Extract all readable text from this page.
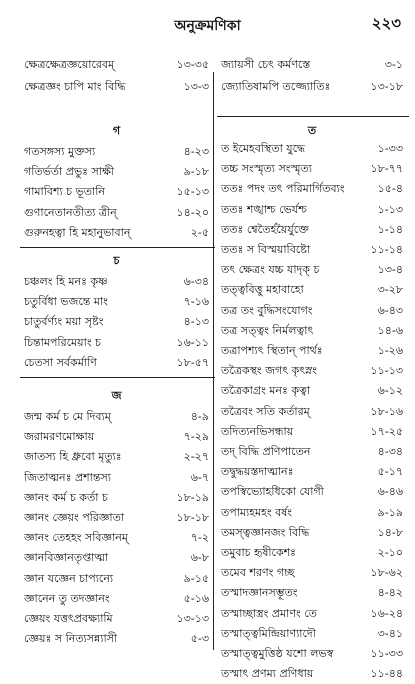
অনুক্রমণিকা	২২৩
ক্ষেত্রক্ষেত্রজ্ঞয়োরেবম্	১৩-৩৫
ক্ষেত্রজ্ঞং চাপি মাং বিদ্ধি	১৩-৩
গ
গতসঙ্গস্য মুক্তস্য	৪-২৩
গতির্ভর্তা প্রভুঃ সাক্ষী	৯-১৮
গামাবিশ্য চ ভূতানি	১৫-১৩
গুণানেতানতীত্য ত্রীন্	১৪-২০
গুরুনহত্বা হি মহানুভাবান্	২-৫
চ
চঞ্চলং হি মনঃ কৃষ্ণ	৬-৩৪
চতুর্বিধা ভজন্তে মাং	৭-১৬
চাতুর্বর্ণ্যং ময়া সৃষ্টং	৪-১৩
চিন্তামপরিমেয়াং চ	১৬-১১
চেতসা সর্বকর্মাণি	১৮-৫৭
জ
জন্ম কর্ম চ মে দিব্যম্	৪-৯
জরামরণমোক্ষায়	৭-২৯
জাতস্য হি ধ্রুবো মৃত্যুঃ	২-২৭
জিতাত্মনঃ প্রশান্তস্য	৬-৭
জ্ঞানং কর্ম চ কর্তা চ	১৮-১৯
জ্ঞানং জ্ঞেয়ং পরিজ্ঞাতা	১৮-১৮
জ্ঞানং তেহহং সবিজ্ঞানম্	৭-২
জ্ঞানবিজ্ঞানতৃপ্তাত্মা	৬-৮
জ্ঞান যজ্ঞেন চাপ্যন্যে	৯-১৫
জ্ঞানেন তু তদজ্ঞানং	৫-১৬
জ্ঞেয়ং যত্তৎপ্রবক্ষ্যামি	১৩-১৩
জ্ঞেয়ঃ স নিত্যসন্ন্যাসী	৫-৩
জ্যায়সী চেৎ কর্মণস্তে	৩-১
জ্যোতিষামপি তজ্জ্যোতিঃ	১৩-১৮
ত
ত ইমেহবস্থিতা যুদ্ধে	১-৩৩
তচ্চ সংস্মৃত্য সংস্মৃত্য	১৮-৭৭
ততঃ পদং তৎ পরিমার্গিতব্যং	১৫-৪
ততঃ শঙ্খাশ্চ ভের্যশ্চ	১-১৩
ততঃ শ্বেতৈর্হয়ৈর্যুক্তে	১-১৪
ততঃ স বিস্ময়াবিষ্টো	১১-১৪
তৎ ক্ষেত্রং যচ্চ যাদৃক্ চ	১৩-৪
তত্ত্ববিত্তু মহাবাহো	৩-২৮
তত্র তং বুদ্ধিসংযোগং	৬-৪৩
তত্র সত্ত্বং নির্মলত্বাৎ	১৪-৬
তত্রাপশ্যৎ স্থিতান্ পার্থঃ	১-২৬
তত্রৈকস্থং জগৎ কৃৎস্নং	১১-১৩
তত্রৈকাগ্রং মনঃ কৃত্বা	৬-১২
তত্রৈবং সতি কর্তারম্	১৮-১৬
তদিত্যনভিসন্ধায়	১৭-২৫
তদ্ বিদ্ধি প্রণিপাতেন	৪-৩৪
তদ্বুদ্ধয়স্তদাত্মানঃ	৫-১৭
তপস্বিভ্যোহধিকো যোগী	৬-৪৬
তপাম্যহমহং বর্ষং	৯-১৯
তমস্ত্বজ্ঞানজং বিদ্ধি	১৪-৮
তমুবাচ হৃষীকেশঃ	২-১০
তমেব শরণং গচ্ছ	১৮-৬২
তস্মাদজ্ঞানসম্ভূতং	৪-৪২
তস্মাচ্ছাস্ত্রং প্রমাণং তে	১৬-২৪
তস্মাত্ত্বমিন্দ্রিয়াণ্যাদৌ	৩-৪১
তস্মাত্ত্বমুত্তিষ্ঠ যশো লভস্ব	১১-৩৩
তস্মাৎ প্রণম্য প্রণিধায়	১১-৪৪
